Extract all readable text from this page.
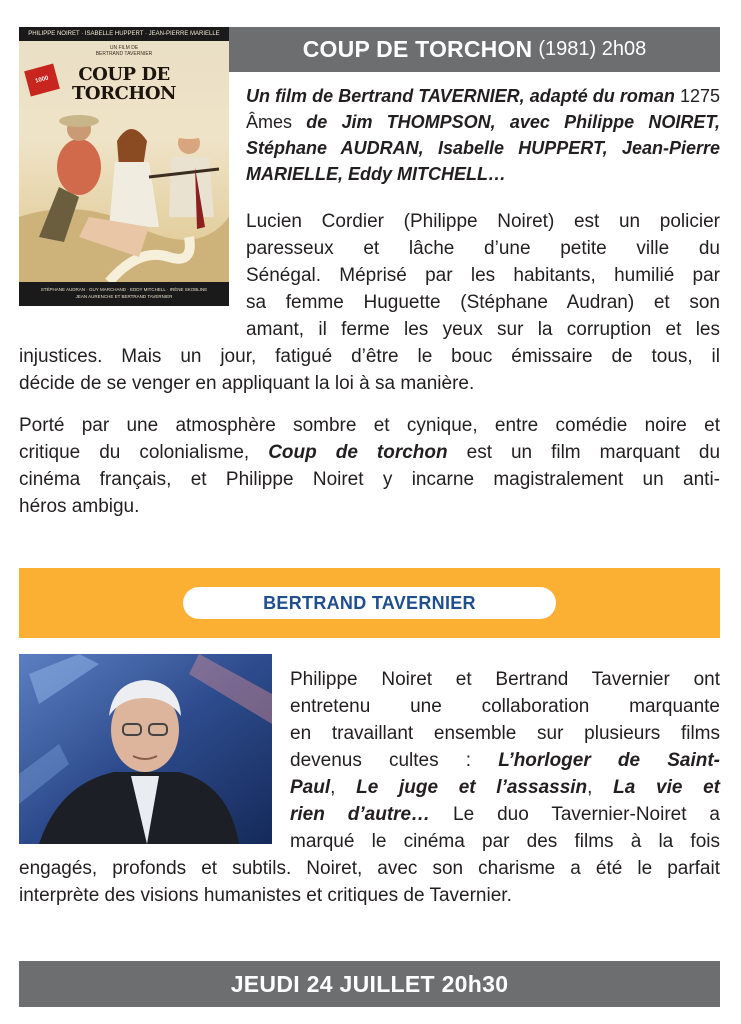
PHILIPPE NOIRET · ISABELLE HUPPERT · JEAN-PIERRE MARIELLE
UN FILM DE
BERTRAND TAVERNIER
1000	COUP DE
TORCHON
STÉPHANE AUDRAN · GUY MARCHAND · EDDY MITCHELL · IRÈNE SKOBLINE
JEAN AURENCHE ET BERTRAND TAVERNIER
COUP DE TORCHON (1981) 2h08

Un film de Bertrand TAVERNIER, adapté du roman 1275 Âmes de Jim THOMPSON, avec Philippe NOIRET, Stéphane AUDRAN, Isabelle HUPPERT, Jean-Pierre MARIELLE, Eddy MITCHELL…

Lucien Cordier (Philippe Noiret) est un policier
paresseux et lâche d’une petite ville du
Sénégal. Méprisé par les habitants, humilié par
sa femme Huguette (Stéphane Audran) et son
amant, il ferme les yeux sur la corruption et les
injustices. Mais un jour, fatigué d’être le bouc émissaire de tous, il
décide de se venger en appliquant la loi à sa manière.
Porté par une atmosphère sombre et cynique, entre comédie noire et
critique du colonialisme, Coup de torchon est un film marquant du
cinéma français, et Philippe Noiret y incarne magistralement un anti-
héros ambigu.
BERTRAND TAVERNIER
Philippe Noiret et Bertrand Tavernier ont
entretenu une collaboration marquante
en travaillant ensemble sur plusieurs films
devenus cultes : L’horloger de Saint-
Paul, Le juge et l’assassin, La vie et
rien d’autre… Le duo Tavernier-Noiret a
marqué le cinéma par des films à la fois
engagés, profonds et subtils. Noiret, avec son charisme a été le parfait
interprète des visions humanistes et critiques de Tavernier.
JEUDI 24 JUILLET 20h30
